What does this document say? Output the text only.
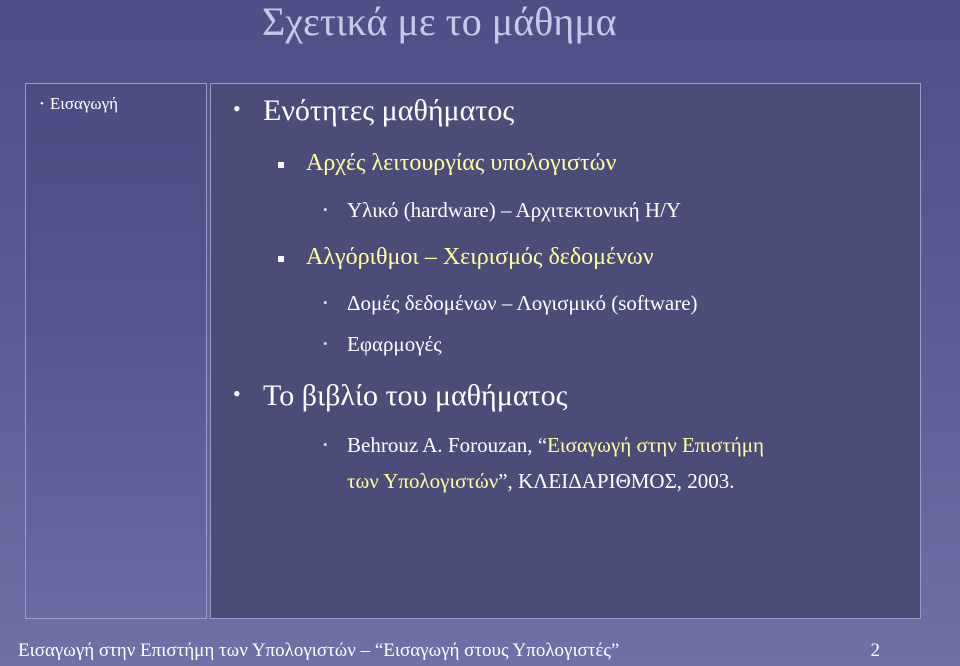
Σχετικά με το μάθημα
• Εισαγωγή	• Ενότητες μαθήματος
Αρχές λειτουργίας υπολογιστών
• Υλικό (hardware) – Αρχιτεκτονική Η/Υ
Αλγόριθμοι – Χειρισμός δεδομένων
• Δομές δεδομένων – Λογισμικό (software)
• Εφαρμογές
• Το βιβλίο του μαθήματος
• Behrouz A. Forouzan, “Εισαγωγή στην Επιστήμη
των Υπολογιστών”, ΚΛΕΙΔΑΡΙΘΜΟΣ, 2003.
Εισαγωγή στην Επιστήμη των Υπολογιστών – “Εισαγωγή στους Υπολογιστές”	2
